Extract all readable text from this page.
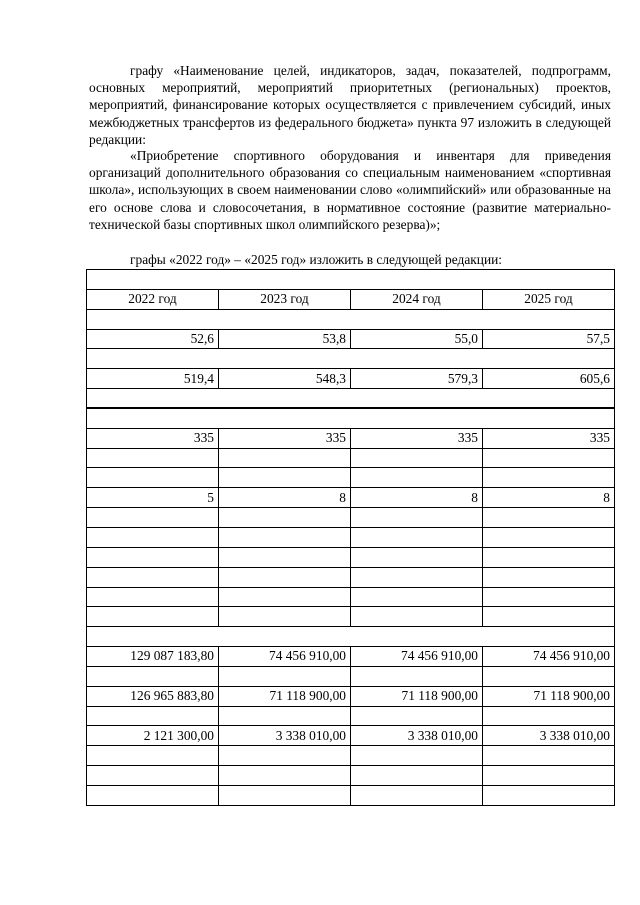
графу «Наименование целей, индикаторов, задач, показателей, подпрограмм, основных мероприятий, мероприятий приоритетных (региональных) проектов, мероприятий, финансирование которых осуществляется с привлечением субсидий, иных межбюджетных трансфертов из федерального бюджета» пункта 97 изложить в следующей редакции:
«Приобретение спортивного оборудования и инвентаря для приведения организаций дополнительного образования со специальным наименованием «спортивная школа», использующих в своем наименовании слово «олимпийский» или образованные на его основе слова и словосочетания, в нормативное состояние (развитие материально-технической базы спортивных школ олимпийского резерва)»;
графы «2022 год» – «2025 год» изложить в следующей редакции:

2022 год	2023 год	2024 год	2025 год

52,6	53,8	55,0	57,5

519,4	548,3	579,3	605,6

335	335	335	335

5	8	8	8

129 087 183,80	74 456 910,00	74 456 910,00	74 456 910,00

126 965 883,80	71 118 900,00	71 118 900,00	71 118 900,00

2 121 300,00	3 338 010,00	3 338 010,00	3 338 010,00
